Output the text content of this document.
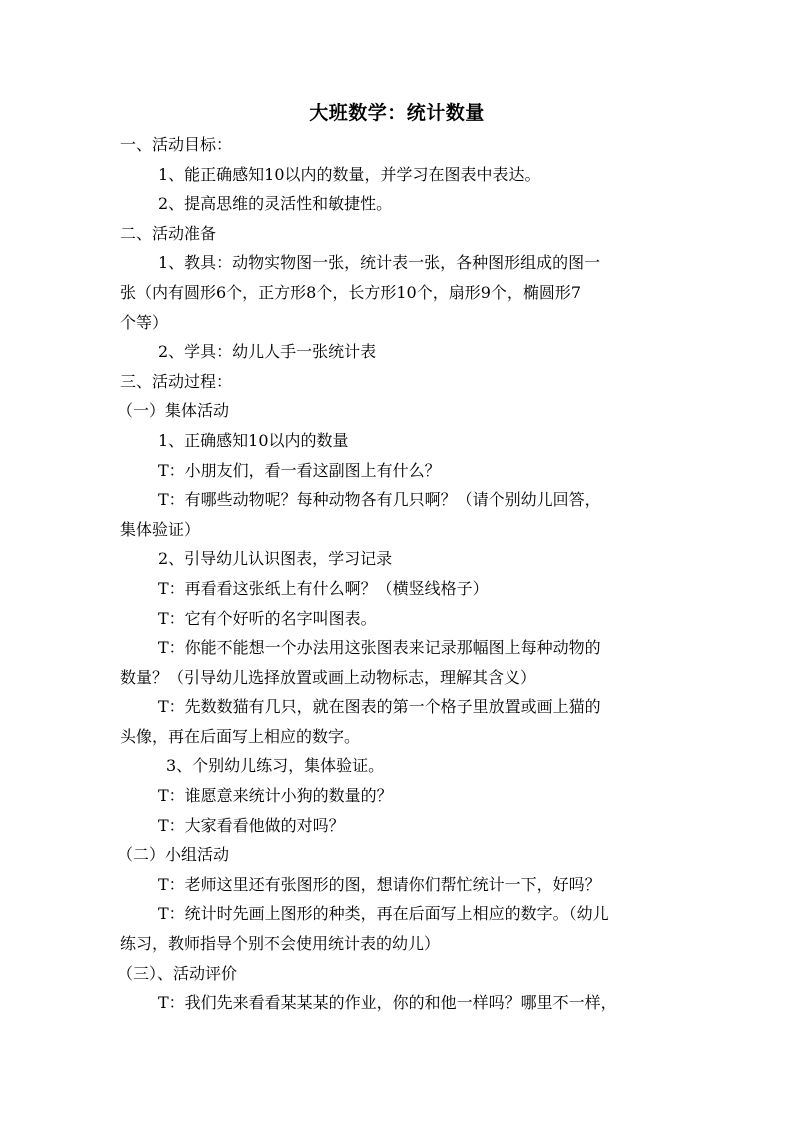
大班数学：统计数量

一、活动目标：

1、能正确感知10以内的数量，并学习在图表中表达。

2、提高思维的灵活性和敏捷性。

二、活动准备

1、教具：动物实物图一张，统计表一张，各种图形组成的图一

张（内有圆形6个，正方形8个，长方形10个，扇形9个，椭圆形7

个等）

2、学具：幼儿人手一张统计表

三、活动过程：

（一）集体活动

1、正确感知10以内的数量

T：小朋友们，看一看这副图上有什么？

T：有哪些动物呢？每种动物各有几只啊？（请个别幼儿回答，

集体验证）

2、引导幼儿认识图表，学习记录

T：再看看这张纸上有什么啊？（横竖线格子）

T：它有个好听的名字叫图表。

T：你能不能想一个办法用这张图表来记录那幅图上每种动物的

数量？（引导幼儿选择放置或画上动物标志，理解其含义）

T：先数数猫有几只，就在图表的第一个格子里放置或画上猫的

头像，再在后面写上相应的数字。

3、个别幼儿练习，集体验证。

T：谁愿意来统计小狗的数量的？

T：大家看看他做的对吗？

（二）小组活动

T：老师这里还有张图形的图，想请你们帮忙统计一下，好吗？

T：统计时先画上图形的种类，再在后面写上相应的数字。（幼儿

练习，教师指导个别不会使用统计表的幼儿）

（三）、活动评价

T：我们先来看看某某某的作业，你的和他一样吗？哪里不一样，
